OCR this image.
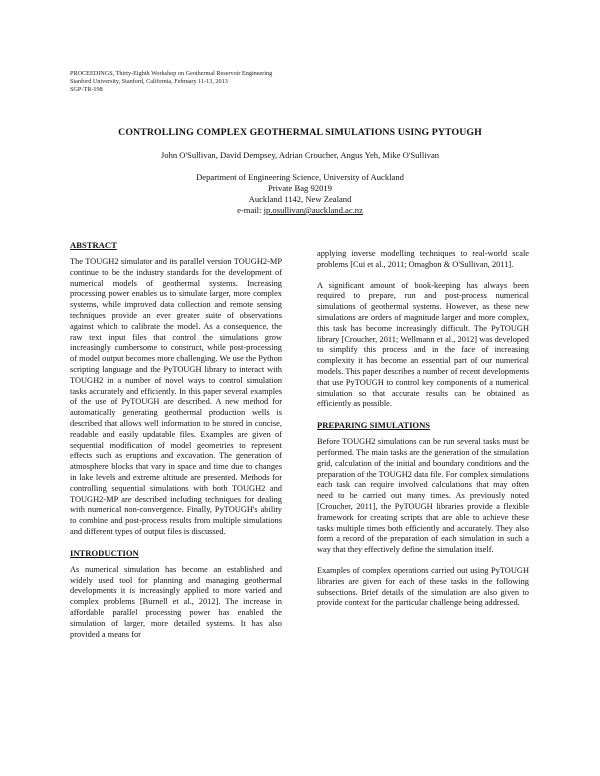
PROCEEDINGS, Thirty-Eighth Workshop on Geothermal Reservoir Engineering
Stanford University, Stanford, California, February 11-13, 2013
SGP-TR-198
CONTROLLING COMPLEX GEOTHERMAL SIMULATIONS USING PYTOUGH
John O'Sullivan, David Dempsey, Adrian Croucher, Angus Yeh, Mike O'Sullivan
Department of Engineering Science, University of Auckland
Private Bag 92019
Auckland 1142, New Zealand
e-mail: jp.osullivan@auckland.ac.nz
ABSTRACT

The TOUGH2 simulator and its parallel version TOUGH2-MP continue to be the industry standards for the development of numerical models of geothermal systems. Increasing processing power enables us to simulate larger, more complex systems, while improved data collection and remote sensing techniques provide an ever greater suite of observations against which to calibrate the model. As a consequence, the raw text input files that control the simulations grow increasingly cumbersome to construct, while post-processing of model output becomes more challenging. We use the Python scripting language and the PyTOUGH library to interact with TOUGH2 in a number of novel ways to control simulation tasks accurately and efficiently. In this paper several examples of the use of PyTOUGH are described. A new method for automatically generating geothermal production wells is described that allows well information to be stored in concise, readable and easily updatable files. Examples are given of sequential modification of model geometries to represent effects such as eruptions and excavation. The generation of atmosphere blocks that vary in space and time due to changes in lake levels and extreme altitude are presented. Methods for controlling sequential simulations with both TOUGH2 and TOUGH2-MP are described including techniques for dealing with numerical non-convergence. Finally, PyTOUGH's ability to combine and post-process results from multiple simulations and different types of output files is discussed.

INTRODUCTION

As numerical simulation has become an established and widely used tool for planning and managing geothermal developments it is increasingly applied to more varied and complex problems [Burnell et al., 2012]. The increase in affordable parallel processing power has enabled the simulation of larger, more detailed systems. It has also provided a means for

applying inverse modelling techniques to real-world scale problems [Cui et al., 2011; Omagbon & O'Sullivan, 2011].

A significant amount of book-keeping has always been required to prepare, run and post-process numerical simulations of geothermal systems. However, as these new simulations are orders of magnitude larger and more complex, this task has become increasingly difficult. The PyTOUGH library [Croucher, 2011; Wellmann et al., 2012] was developed to simplify this process and in the face of increasing complexity it has become an essential part of our numerical models. This paper describes a number of recent developments that use PyTOUGH to control key components of a numerical simulation so that accurate results can be obtained as efficiently as possible.

PREPARING SIMULATIONS

Before TOUGH2 simulations can be run several tasks must be performed. The main tasks are the generation of the simulation grid, calculation of the initial and boundary conditions and the preparation of the TOUGH2 data file. For complex simulations each task can require involved calculations that may often need to be carried out many times. As previously noted [Croucher, 2011], the PyTOUGH libraries provide a flexible framework for creating scripts that are able to achieve these tasks multiple times both efficiently and accurately. They also form a record of the preparation of each simulation in such a way that they effectively define the simulation itself.

Examples of complex operations carried out using PyTOUGH libraries are given for each of these tasks in the following subsections. Brief details of the simulation are also given to provide context for the particular challenge being addressed.
